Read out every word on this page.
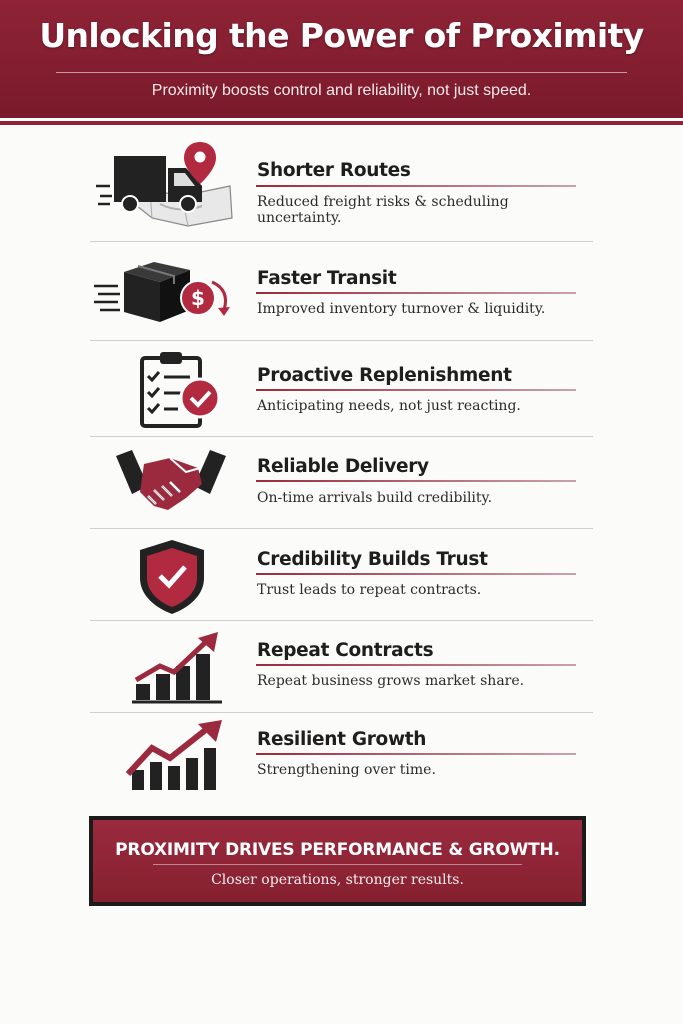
Unlocking the Power of Proximity
Proximity boosts control and reliability, not just speed.
Shorter Routes
Reduced freight risks & scheduling uncertainty.
$
Faster Transit
Improved inventory turnover & liquidity.
Proactive Replenishment
Anticipating needs, not just reacting.
Reliable Delivery
On-time arrivals build credibility.
Credibility Builds Trust
Trust leads to repeat contracts.
Repeat Contracts
Repeat business grows market share.
Resilient Growth
Strengthening over time.
PROXIMITY DRIVES PERFORMANCE & GROWTH.
Closer operations, stronger results.
